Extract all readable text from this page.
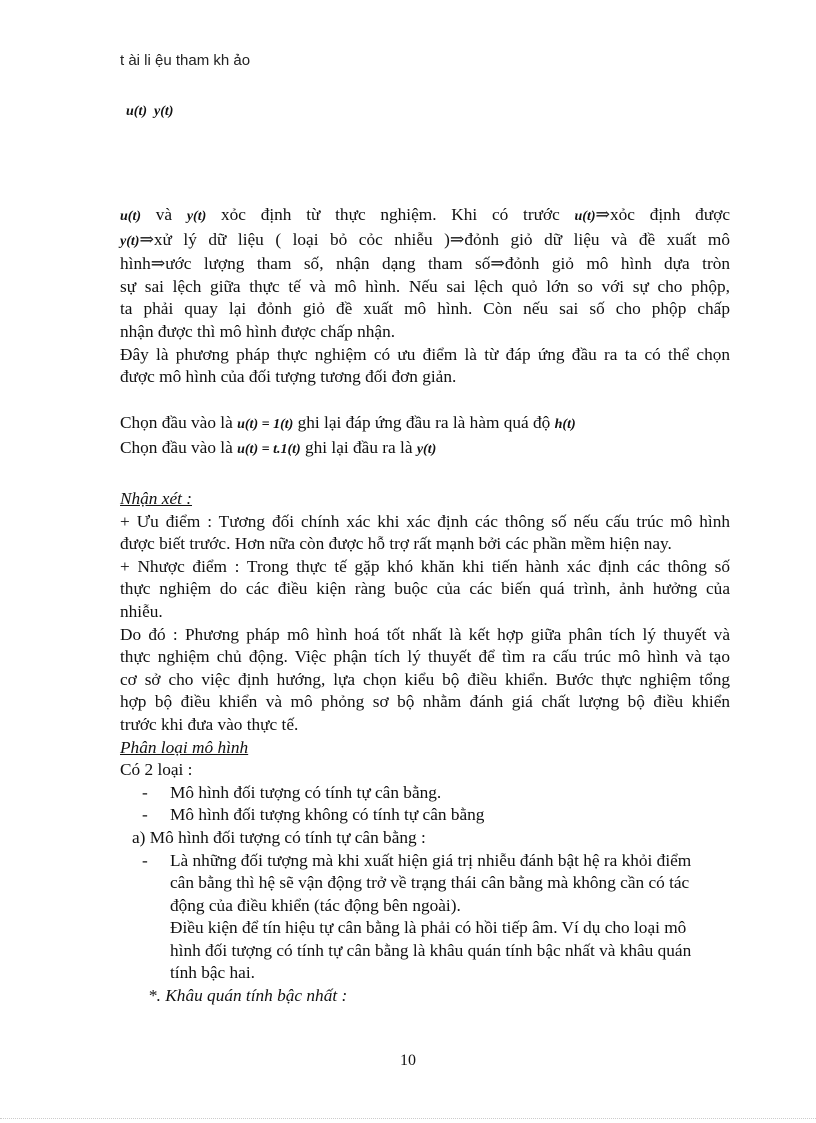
t ài li ệu tham kh ảo
u(t) y(t)
u(t) và y(t) xỏc định từ thực nghiệm. Khi có trước u(t)⇒xỏc định được
y(t)⇒xử lý dữ liệu ( loại bỏ cỏc nhiễu )⇒đỏnh giỏ dữ liệu và đề xuất mô
hình⇒ước lượng tham số, nhận dạng tham số⇒đỏnh giỏ mô hình dựa tròn
sự sai lệch giữa thực tế và mô hình. Nếu sai lệch quỏ lớn so với sự cho phộp,
ta phải quay lại đỏnh giỏ đề xuất mô hình. Còn nếu sai số cho phộp chấp
nhận được thì mô hình được chấp nhận.
Đây là phương pháp thực nghiệm có ưu điểm là từ đáp ứng đầu ra ta có thể chọn
được mô hình của đối tượng tương đối đơn giản.
Chọn đầu vào là u(t) = 1(t) ghi lại đáp ứng đầu ra là hàm quá độ h(t)
Chọn đầu vào là u(t) = t.1(t) ghi lại đầu ra là y(t)
Nhận xét :
+ Ưu điểm : Tương đối chính xác khi xác định các thông số nếu cấu trúc mô hình
được biết trước. Hơn nữa còn được hỗ trợ rất mạnh bởi các phần mềm hiện nay.
+ Nhược điểm : Trong thực tế gặp khó khăn khi tiến hành xác định các thông số
thực nghiệm do các điều kiện ràng buộc của các biến quá trình, ảnh hưởng của
nhiễu.
Do đó : Phương pháp mô hình hoá tốt nhất là kết hợp giữa phân tích lý thuyết và
thực nghiệm chủ động. Việc phận tích lý thuyết để tìm ra cấu trúc mô hình và tạo
cơ sở cho việc định hướng, lựa chọn kiểu bộ điều khiển. Bước thực nghiệm tổng
hợp bộ điều khiển và mô phỏng sơ bộ nhằm đánh giá chất lượng bộ điều khiển
trước khi đưa vào thực tế.
Phân loại mô hình
Có 2 loại :
- Mô hình đối tượng có tính tự cân bằng.
- Mô hình đối tượng không có tính tự cân bằng
a) Mô hình đối tượng có tính tự cân bằng :
- Là những đối tượng mà khi xuất hiện giá trị nhiễu đánh bật hệ ra khỏi điểm
cân bằng thì hệ sẽ vận động trở về trạng thái cân bằng mà không cần có tác
động của điều khiển (tác động bên ngoài).
Điều kiện để tín hiệu tự cân bằng là phải có hồi tiếp âm. Ví dụ cho loại mô
hình đối tượng có tính tự cân bằng là khâu quán tính bậc nhất và khâu quán
tính bậc hai.
*. Khâu quán tính bậc nhất :
10
